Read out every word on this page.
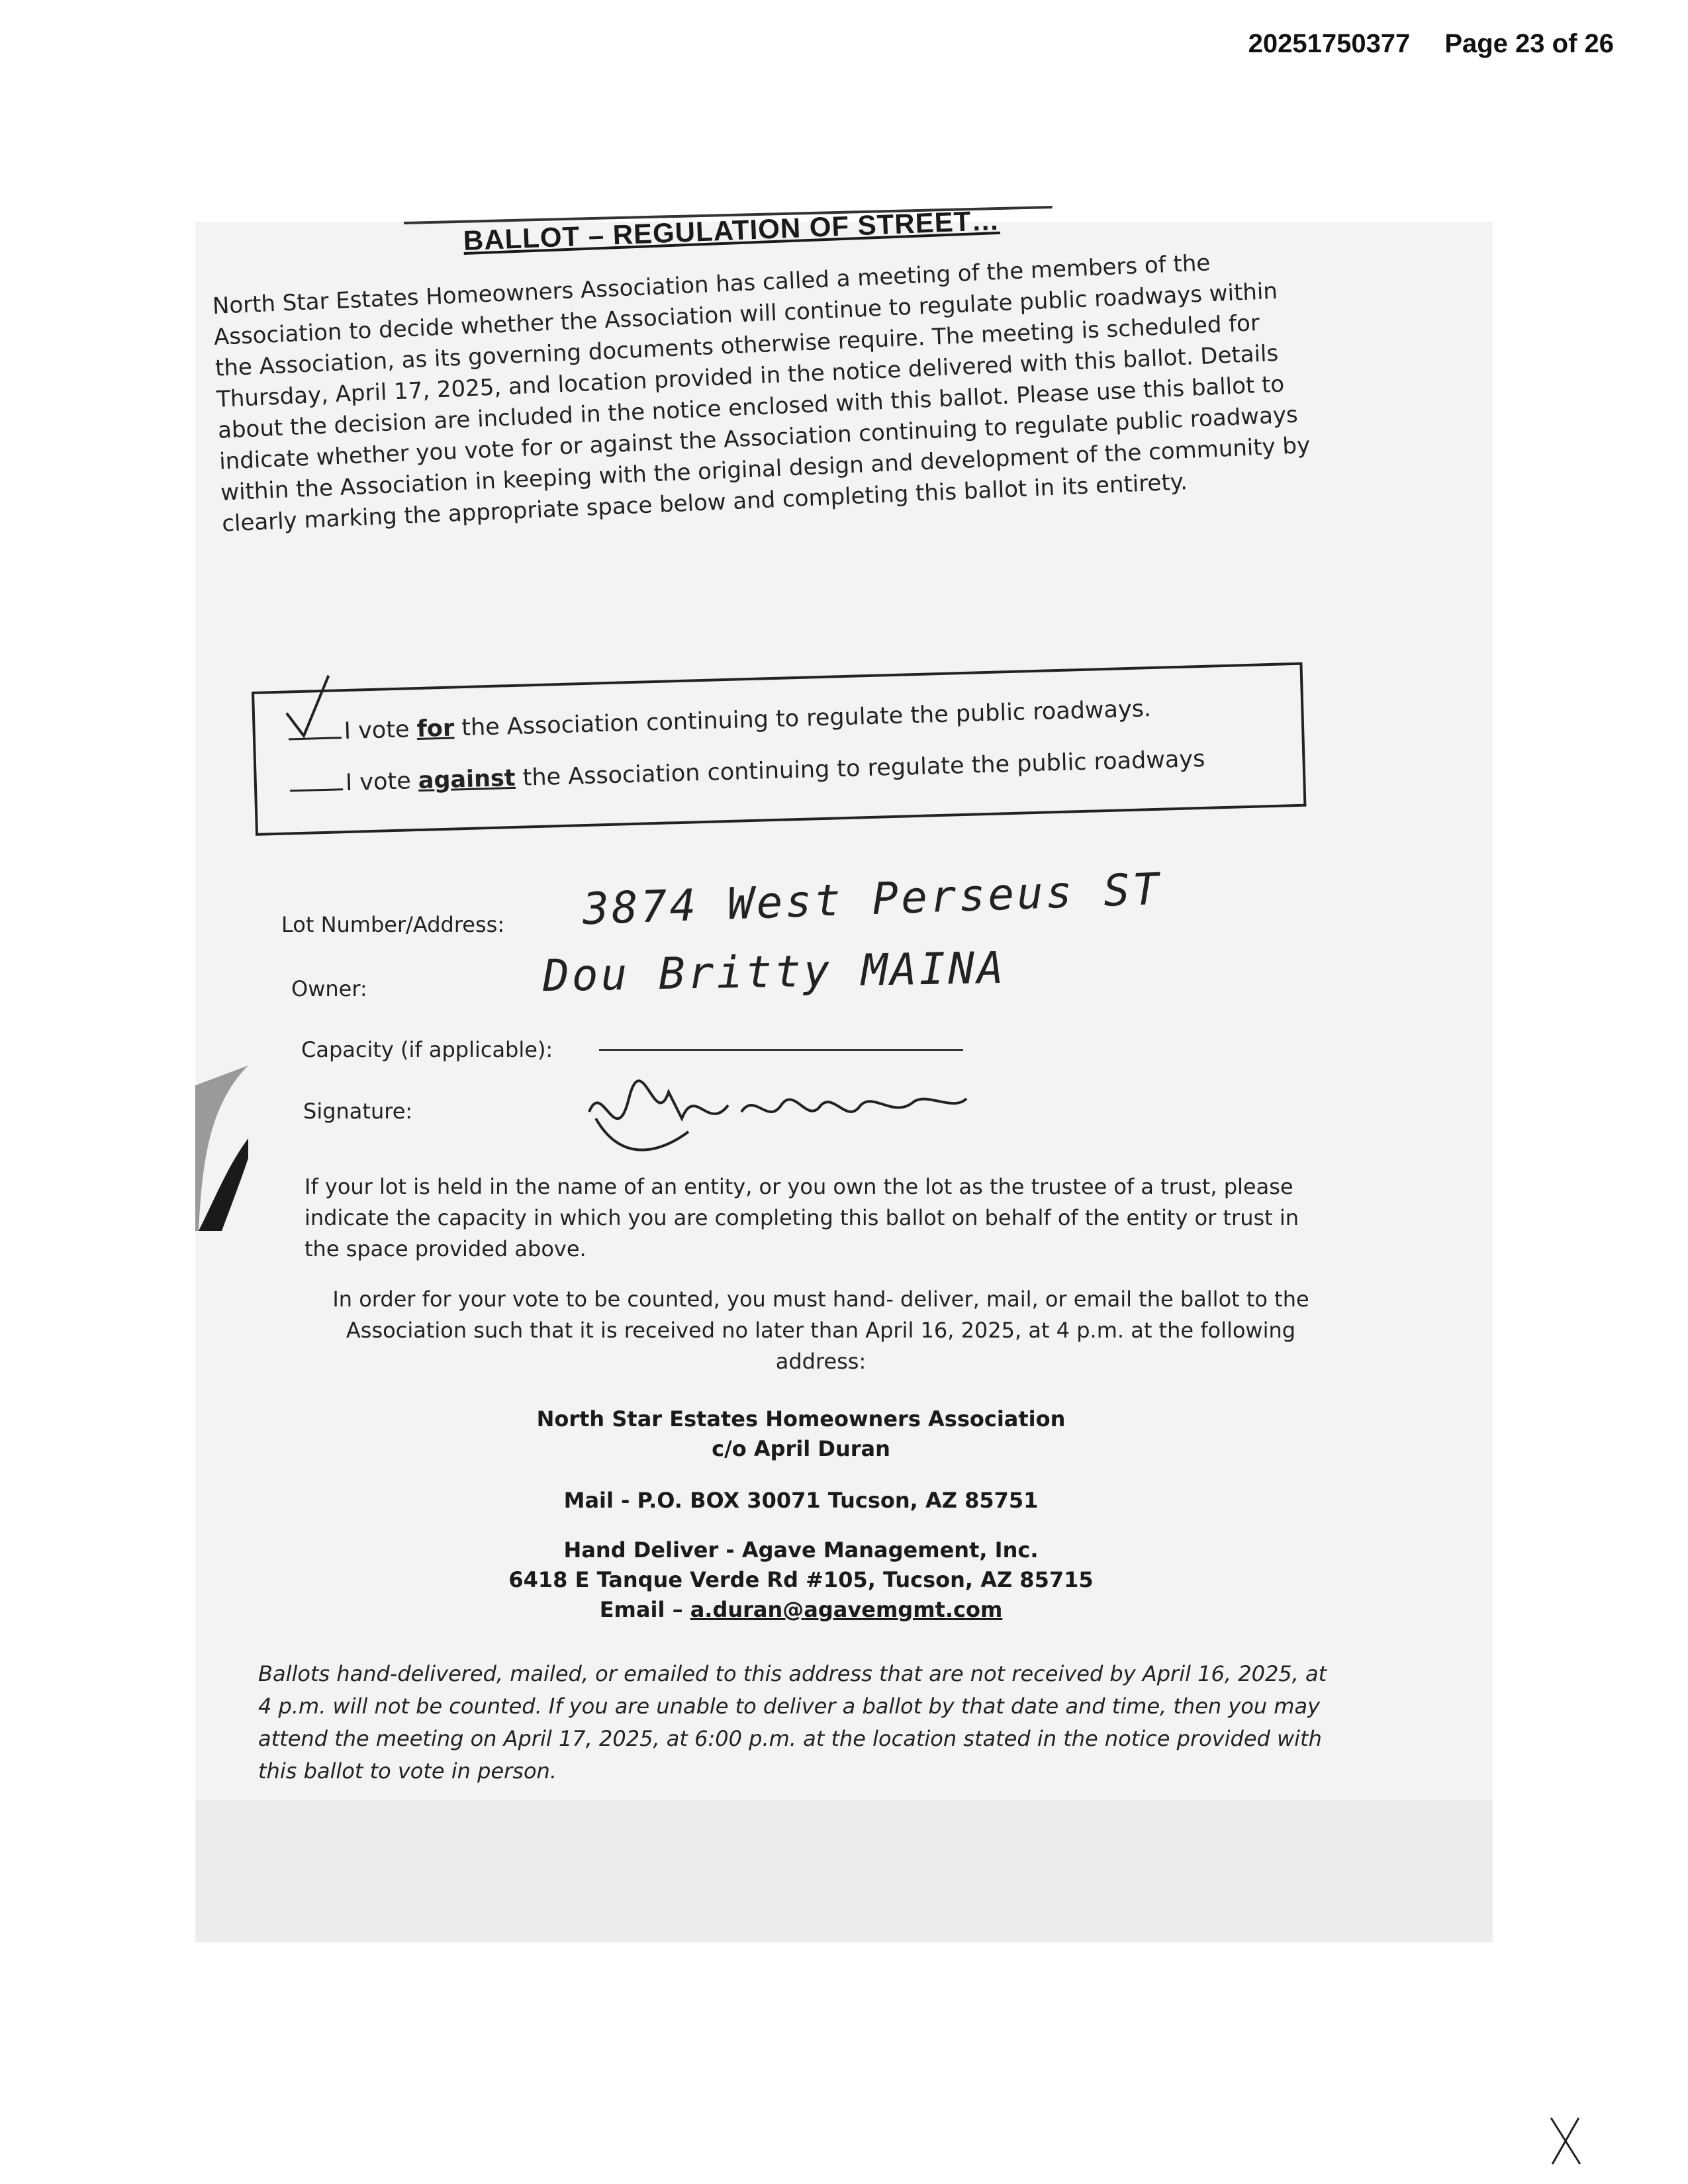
20251750377 Page 23 of 26
BALLOT – REGULATION OF STREET…
North Star Estates Homeowners Association has called a meeting of the members of the Association to decide whether the Association will continue to regulate public roadways within the Association, as its governing documents otherwise require. The meeting is scheduled for Thursday, April 17, 2025, and location provided in the notice delivered with this ballot. Details about the decision are included in the notice enclosed with this ballot. Please use this ballot to indicate whether you vote for or against the Association continuing to regulate public roadways within the Association in keeping with the original design and development of the community by clearly marking the appropriate space below and completing this ballot in its entirety.
I vote for the Association continuing to regulate the public roadways.
I vote against the Association continuing to regulate the public roadways
Lot Number/Address: 3874 West Perseus ST
Owner:	Dou Britty MAINA
Capacity (if applicable):
Signature:
If your lot is held in the name of an entity, or you own the lot as the trustee of a trust, please indicate the capacity in which you are completing this ballot on behalf of the entity or trust in the space provided above.
In order for your vote to be counted, you must hand- deliver, mail, or email the ballot to the Association such that it is received no later than April 16, 2025, at 4 p.m. at the following address:
North Star Estates Homeowners Association
c/o April Duran
Mail - P.O. BOX 30071 Tucson, AZ 85751
Hand Deliver - Agave Management, Inc.
6418 E Tanque Verde Rd #105, Tucson, AZ 85715
Email – a.duran@agavemgmt.com
Ballots hand-delivered, mailed, or emailed to this address that are not received by April 16, 2025, at 4 p.m. will not be counted. If you are unable to deliver a ballot by that date and time, then you may attend the meeting on April 17, 2025, at 6:00 p.m. at the location stated in the notice provided with this ballot to vote in person.
